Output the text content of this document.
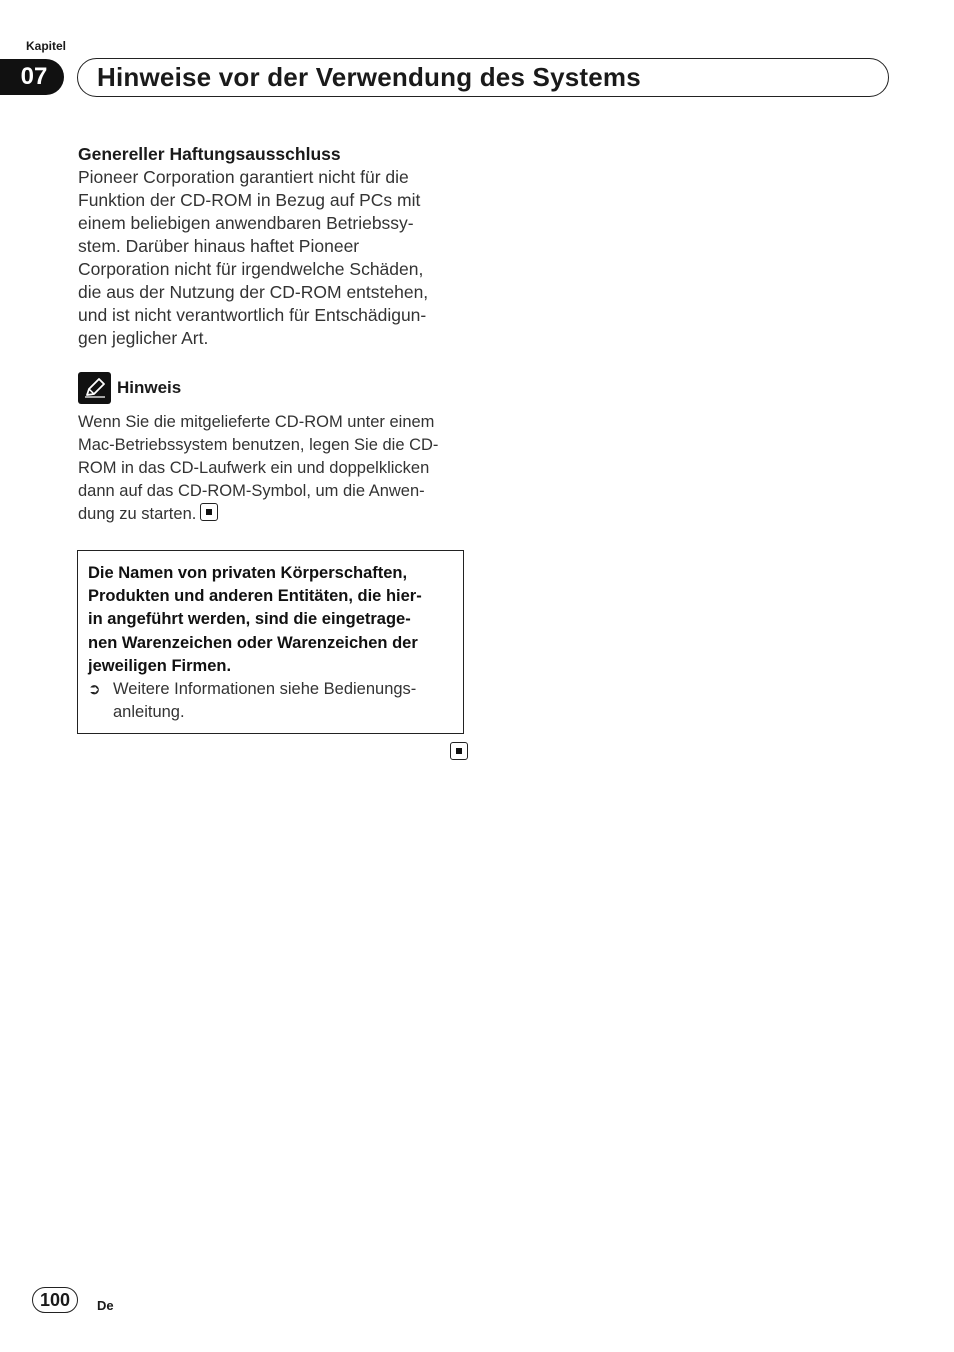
Kapitel
07	Hinweise vor der Verwendung des Systems
Genereller Haftungsausschluss
Pioneer Corporation garantiert nicht für die
Funktion der CD-ROM in Bezug auf PCs mit
einem beliebigen anwendbaren Betriebssy-
stem. Darüber hinaus haftet Pioneer
Corporation nicht für irgendwelche Schäden,
die aus der Nutzung der CD-ROM entstehen,
und ist nicht verantwortlich für Entschädigun-
gen jeglicher Art.
Hinweis
Wenn Sie die mitgelieferte CD-ROM unter einem
Mac-Betriebssystem benutzen, legen Sie die CD-
ROM in das CD-Laufwerk ein und doppelklicken
dann auf das CD-ROM-Symbol, um die Anwen-
dung zu starten.
Die Namen von privaten Körperschaften,
Produkten und anderen Entitäten, die hier-
in angeführt werden, sind die eingetrage-
nen Warenzeichen oder Warenzeichen der
jeweiligen Firmen.
➲ Weitere Informationen siehe Bedienungs-
anleitung.
100	De
